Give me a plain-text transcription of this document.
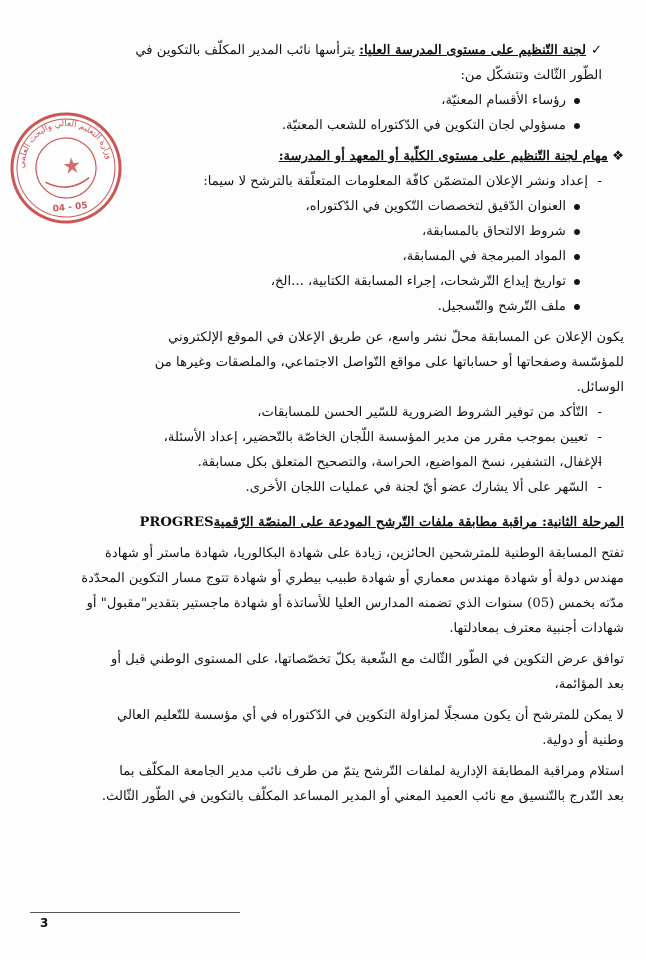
وزارة التعليم العالي والبحث العلمي
04 - 05
✓لجنة التّنظيم على مستوى المدرسة العليا: يترأسها نائب المدير المكلّف بالتكوين في
الطّور الثّالث وتتشكّل من:
رؤساء الأقسام المعنيّة،
مسؤولي لجان التكوين في الدّكتوراه للشعب المعنيّة.
❖مهام لجنة التّنظيم على مستوى الكلّية أو المعهد أو المدرسة:
- إعداد ونشر الإعلان المتضمّن كافّة المعلومات المتعلّقة بالترشح لا سيما:
العنوان الدّقيق لتخصصات التّكوين في الدّكتوراه،
شروط الالتحاق بالمسابقة،
المواد المبرمجة في المسابقة،
تواريخ إيداع التّرشحات، إجراء المسابقة الكتابية، ...الخ،
ملف التّرشح والتّسجيل.
يكون الإعلان عن المسابقة محلّ نشر واسع، عن طريق الإعلان في الموقع الإلكتروني
للمؤسّسة وصفحاتها أو حساباتها على مواقع التّواصل الاجتماعي، والملصقات وغيرها من
الوسائل.
- التّأكد من توفير الشروط الضرورية للسّير الحسن للمسابقات،
- تعيين بموجب مقرر من مدير المؤسسة اللّجان الخاصّة بالتّحضير، إعداد الأسئلة،
- الإغفال، التشفير، نسخ المواضيع، الحراسة، والتصحيح المتعلق بكل مسابقة.
- السّهر على ألا يشارك عضو أيّ لجنة في عمليات اللجان الأخرى.
المرحلة الثانية: مراقبة مطابقة ملفات التّرشح المودعة على المنصّة الرّقميةPROGRES
تفتح المسابقة الوطنية للمترشحين الحائزين، زيادة على شهادة البكالوريا، شهادة ماستر أو شهادة
مهندس دولة أو شهادة مهندس معماري أو شهادة طبيب بيطري أو شهادة تتوج مسار التكوين المحدّدة
مدّته بخمس (05) سنوات الذي تضمنه المدارس العليا للأساتذة أو شهادة ماجستير بتقدير"مقبول" أو
شهادات أجنبية معترف بمعادلتها.
توافق عرض التكوين في الطّور الثّالث مع الشّعبة بكلّ تخصّصاتها، على المستوى الوطني قبل أو
بعد المؤائمة،
لا يمكن للمترشح أن يكون مسجلًا لمزاولة التكوين في الدّكتوراه في أي مؤسسة للتّعليم العالي
وطنية أو دولية.
استلام ومراقبة المطابقة الإدارية لملفات التّرشح يتمّ من طرف نائب مدير الجامعة المكلّف بما
بعد التّدرج بالتّنسيق مع نائب العميد المعني أو المدير المساعد المكلّف بالتكوين في الطّور الثّالث.
3
